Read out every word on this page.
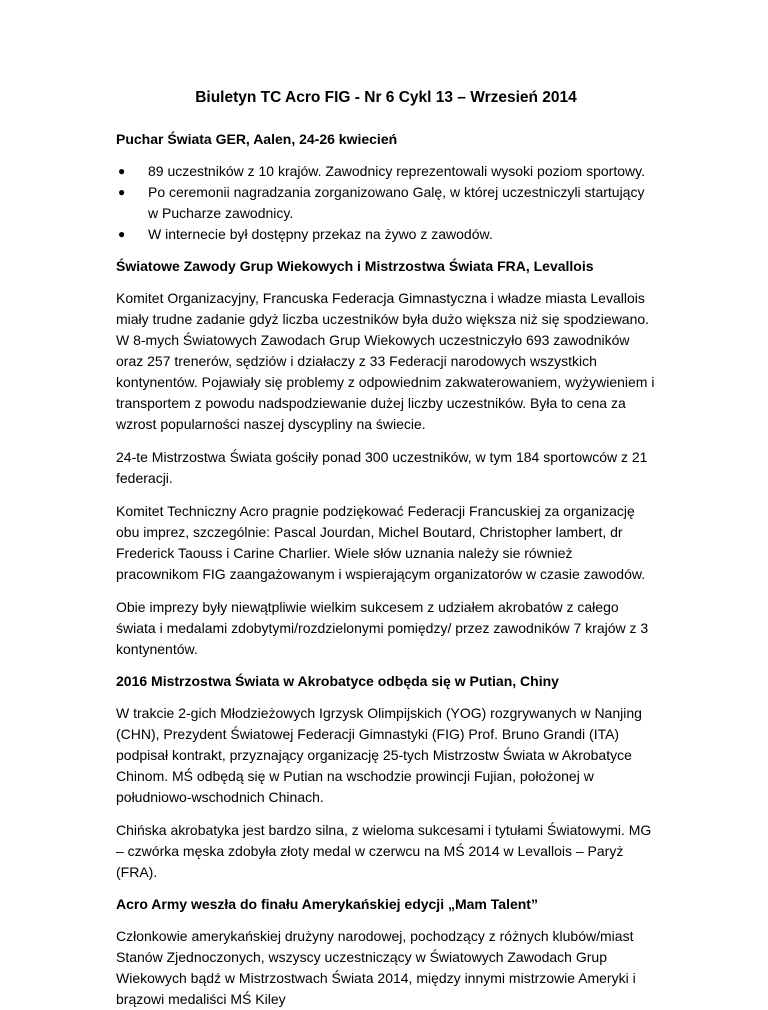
Biuletyn TC Acro FIG - Nr 6 Cykl 13 – Wrzesień 2014
Puchar Świata GER, Aalen, 24-26 kwiecień
● 89 uczestników z 10 krajów. Zawodnicy reprezentowali wysoki poziom sportowy.
● Po ceremonii nagradzania zorganizowano Galę, w której uczestniczyli startujący w Pucharze zawodnicy.
● W internecie był dostępny przekaz na żywo z zawodów.
Światowe Zawody Grup Wiekowych i Mistrzostwa Świata FRA, Levallois

Komitet Organizacyjny, Francuska Federacja Gimnastyczna i władze miasta Levallois miały trudne zadanie gdyż liczba uczestników była dużo większa niż się spodziewano. W 8-mych Światowych Zawodach Grup Wiekowych uczestniczyło 693 zawodników oraz 257 trenerów, sędziów i działaczy z 33 Federacji narodowych wszystkich kontynentów. Pojawiały się problemy z odpowiednim zakwaterowaniem, wyżywieniem i transportem z powodu nadspodziewanie dużej liczby uczestników. Była to cena za wzrost popularności naszej dyscypliny na świecie.

24-te Mistrzostwa Świata gościły ponad 300 uczestników, w tym 184 sportowców z 21 federacji.

Komitet Techniczny Acro pragnie podziękować Federacji Francuskiej za organizację obu imprez, szczególnie: Pascal Jourdan, Michel Boutard, Christopher lambert, dr Frederick Taouss i Carine Charlier. Wiele słów uznania należy sie również pracownikom FIG zaangażowanym i wspierającym organizatorów w czasie zawodów.

Obie imprezy były niewątpliwie wielkim sukcesem z udziałem akrobatów z całego świata i medalami zdobytymi/rozdzielonymi pomiędzy/ przez zawodników 7 krajów z 3 kontynentów.

2016 Mistrzostwa Świata w Akrobatyce odbęda się w Putian, Chiny

W trakcie 2-gich Młodzieżowych Igrzysk Olimpijskich (YOG) rozgrywanych w Nanjing (CHN), Prezydent Światowej Federacji Gimnastyki (FIG) Prof. Bruno Grandi (ITA) podpisał kontrakt, przyznający organizację 25-tych Mistrzostw Świata w Akrobatyce Chinom. MŚ odbędą się w Putian na wschodzie prowincji Fujian, położonej w południowo-wschodnich Chinach.

Chińska akrobatyka jest bardzo silna, z wieloma sukcesami i tytułami Światowymi. MG – czwórka męska zdobyła złoty medal w czerwcu na MŚ 2014 w Levallois – Paryż (FRA).

Acro Army weszła do finału Amerykańskiej edycji „Mam Talent”

Członkowie amerykańskiej drużyny narodowej, pochodzący z różnych klubów/miast Stanów Zjednoczonych, wszyscy uczestniczący w Światowych Zawodach Grup Wiekowych bądź w Mistrzostwach Świata 2014, między innymi mistrzowie Ameryki i brązowi medaliści MŚ Kiley
